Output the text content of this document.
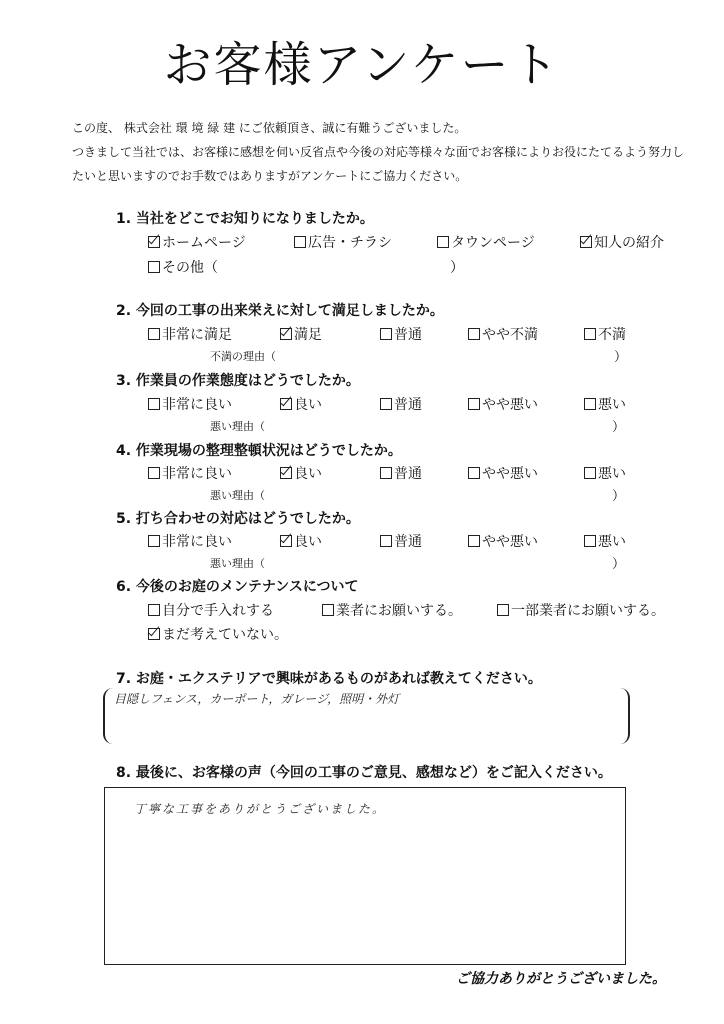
お客様アンケート
この度、 株式会社 環 境 緑 建 にご依頼頂き、誠に有難うございました。
つきまして当社では、お客様に感想を伺い反省点や今後の対応等様々な面でお客様によりお役にたてるよう努力し
たいと思いますのでお手数ではありますがアンケートにご協力ください。
1. 当社をどこでお知りになりましたか。
ホームページ	広告・チラシ	タウンページ	知人の紹介
その他（	）
2. 今回の工事の出来栄えに対して満足しましたか。
非常に満足	満足	普通	やや不満	不満
不満の理由（	）
3. 作業員の作業態度はどうでしたか。
非常に良い	良い	普通	やや悪い	悪い
悪い理由（	）
4. 作業現場の整理整頓状況はどうでしたか。
非常に良い	良い	普通	やや悪い	悪い
悪い理由（	）
5. 打ち合わせの対応はどうでしたか。
非常に良い	良い	普通	やや悪い	悪い
悪い理由（	）
6. 今後のお庭のメンテナンスについて
自分で手入れする	業者にお願いする。	一部業者にお願いする。
まだ考えていない。
7. お庭・エクステリアで興味があるものがあれば教えてください。
目隠しフェンス，カーポート，ガレージ，照明・外灯
8. 最後に、お客様の声（今回の工事のご意見、感想など）をご記入ください。
丁寧な工事をありがとうございました。
ご協力ありがとうございました。
